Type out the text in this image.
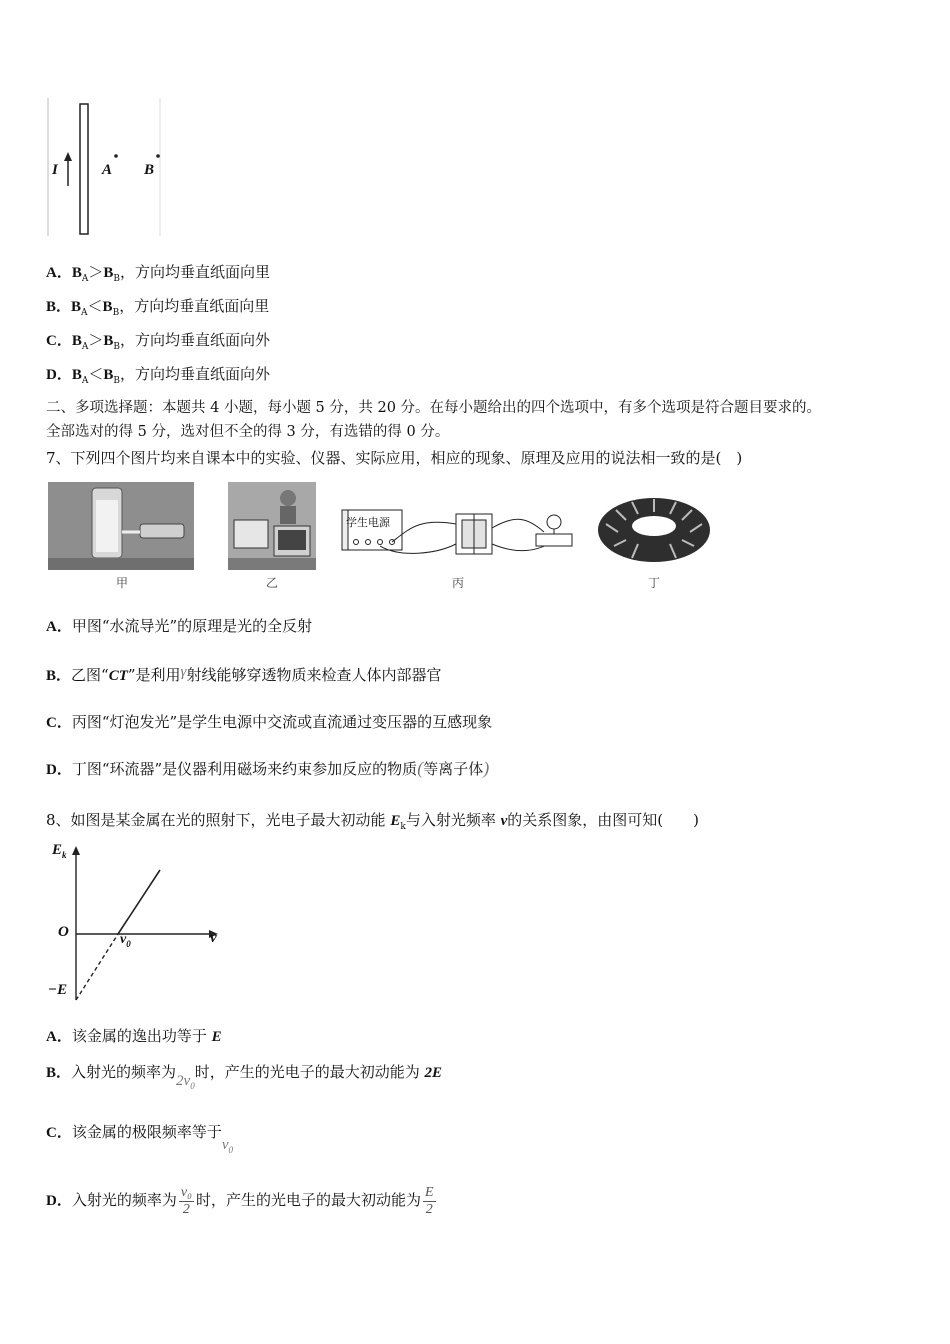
I	A B
A．$B_A>B_B$，方向均垂直纸面向里
B．$B_A<B_B$，方向均垂直纸面向里
C．$B_A>B_B$，方向均垂直纸面向外
D．$B_A<B_B$，方向均垂直纸面向外
二、多项选择题：本题共 4 小题，每小题 5 分，共 20 分。在每小题给出的四个选项中，有多个选项是符合题目要求的。
全部选对的得 5 分，选对但不全的得 3 分，有选错的得 0 分。
7、下列四个图片均来自课本中的实验、仪器、实际应用，相应的现象、原理及应用的说法相一致的是(　)
学生电源
甲	乙	丙	丁
A．甲图“水流导光”的原理是光的全反射
B．乙图“CT”是利用γ射线能够穿透物质来检查人体内部器官
C．丙图“灯泡发光”是学生电源中交流或直流通过变压器的互感现象
D．丁图“环流器”是仪器利用磁场来约束参加反应的物质(等离子体)
8、如图是某金属在光的照射下，光电子最大初动能 $E_k$与入射光频率 ν的关系图象，由图可知(　　)
$E_k$
O	ν
$\nu_0$
−E
A．该金属的逸出功等于 E
B．入射光的频率为$2\nu_0$时，产生的光电子的最大初动能为 2E
C．该金属的极限频率等于$\nu_0$
D．入射光的频率为 $\frac{\text{ν₀}}{2}$ 时，产生的光电子的最大初动能为 $\frac{E}{2}$
